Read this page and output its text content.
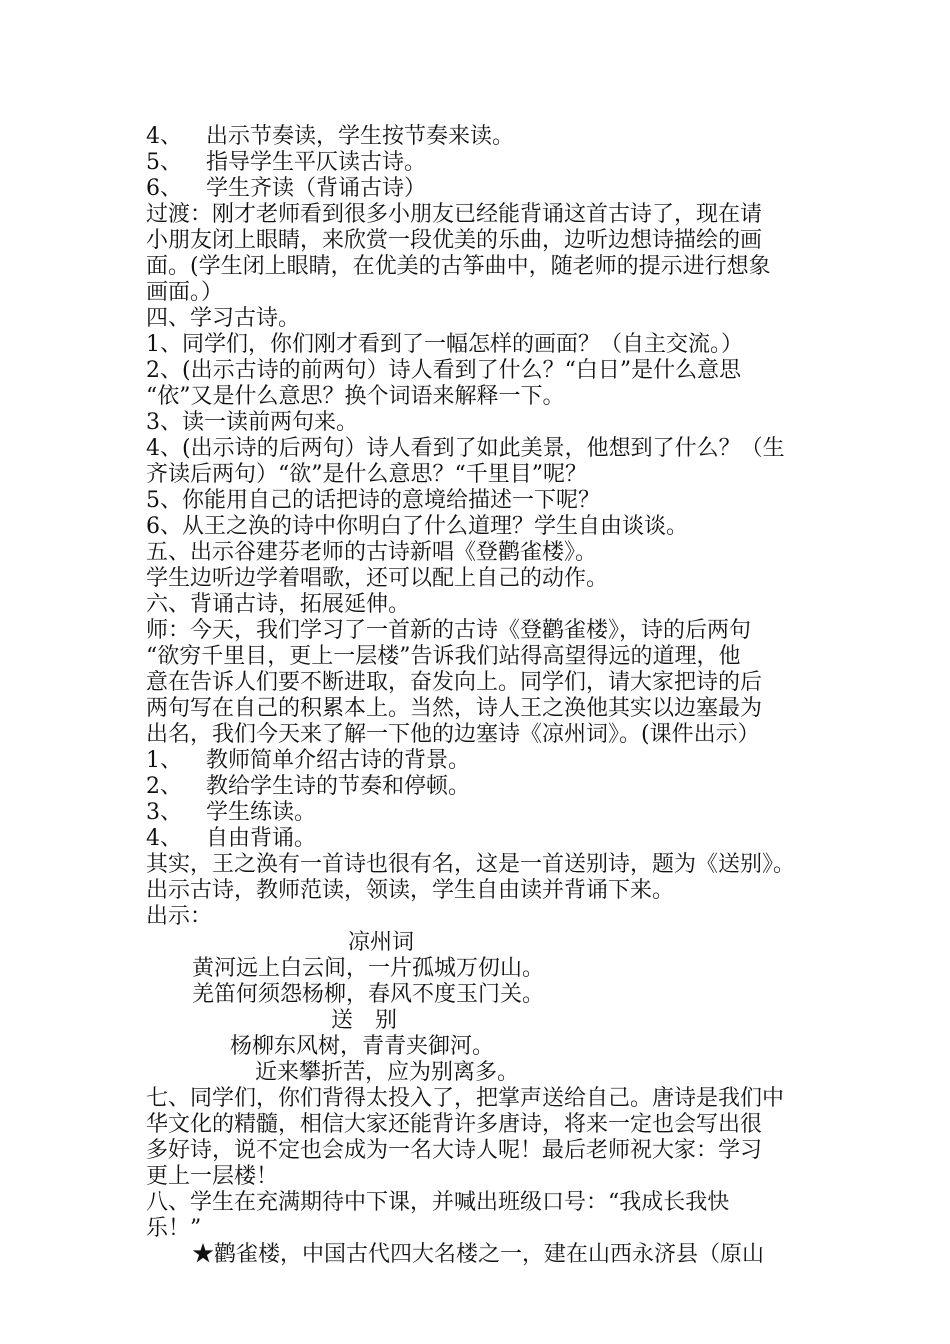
4、 出示节奏读，学生按节奏来读。
5、 指导学生平仄读古诗。
6、 学生齐读（背诵古诗）
过渡：刚才老师看到很多小朋友已经能背诵这首古诗了，现在请
小朋友闭上眼睛，来欣赏一段优美的乐曲，边听边想诗描绘的画
面。(学生闭上眼睛，在优美的古筝曲中，随老师的提示进行想象
画面。）
四、学习古诗。
1、同学们，你们刚才看到了一幅怎样的画面？（自主交流。）
2、(出示古诗的前两句）诗人看到了什么？“白日”是什么意思
“依”又是什么意思？换个词语来解释一下。
3、读一读前两句来。
4、(出示诗的后两句）诗人看到了如此美景，他想到了什么？（生
齐读后两句）“欲”是什么意思？“千里目”呢？
5、你能用自己的话把诗的意境给描述一下呢？
6、从王之涣的诗中你明白了什么道理？学生自由谈谈。
五、出示谷建芬老师的古诗新唱《登鹳雀楼》。
学生边听边学着唱歌，还可以配上自己的动作。
六、背诵古诗，拓展延伸。
师：今天，我们学习了一首新的古诗《登鹳雀楼》，诗的后两句
“欲穷千里目，更上一层楼”告诉我们站得高望得远的道理，他
意在告诉人们要不断进取，奋发向上。同学们，请大家把诗的后
两句写在自己的积累本上。当然，诗人王之涣他其实以边塞最为
出名，我们今天来了解一下他的边塞诗《凉州词》。(课件出示）
1、 教师简单介绍古诗的背景。
2、 教给学生诗的节奏和停顿。
3、 学生练读。
4、 自由背诵。
其实，王之涣有一首诗也很有名，这是一首送别诗，题为《送别》。
出示古诗，教师范读，领读，学生自由读并背诵下来。
出示：
凉州词
黄河远上白云间，一片孤城万仞山。
羌笛何须怨杨柳，春风不度玉门关。
送　别
杨柳东风树，青青夹御河。
近来攀折苦，应为别离多。
七、同学们，你们背得太投入了，把掌声送给自己。唐诗是我们中
华文化的精髓，相信大家还能背许多唐诗，将来一定也会写出很
多好诗，说不定也会成为一名大诗人呢！最后老师祝大家：学习
更上一层楼！
八、学生在充满期待中下课，并喊出班级口号：“我成长我快
乐！”
★鹳雀楼，中国古代四大名楼之一，建在山西永济县（原山
